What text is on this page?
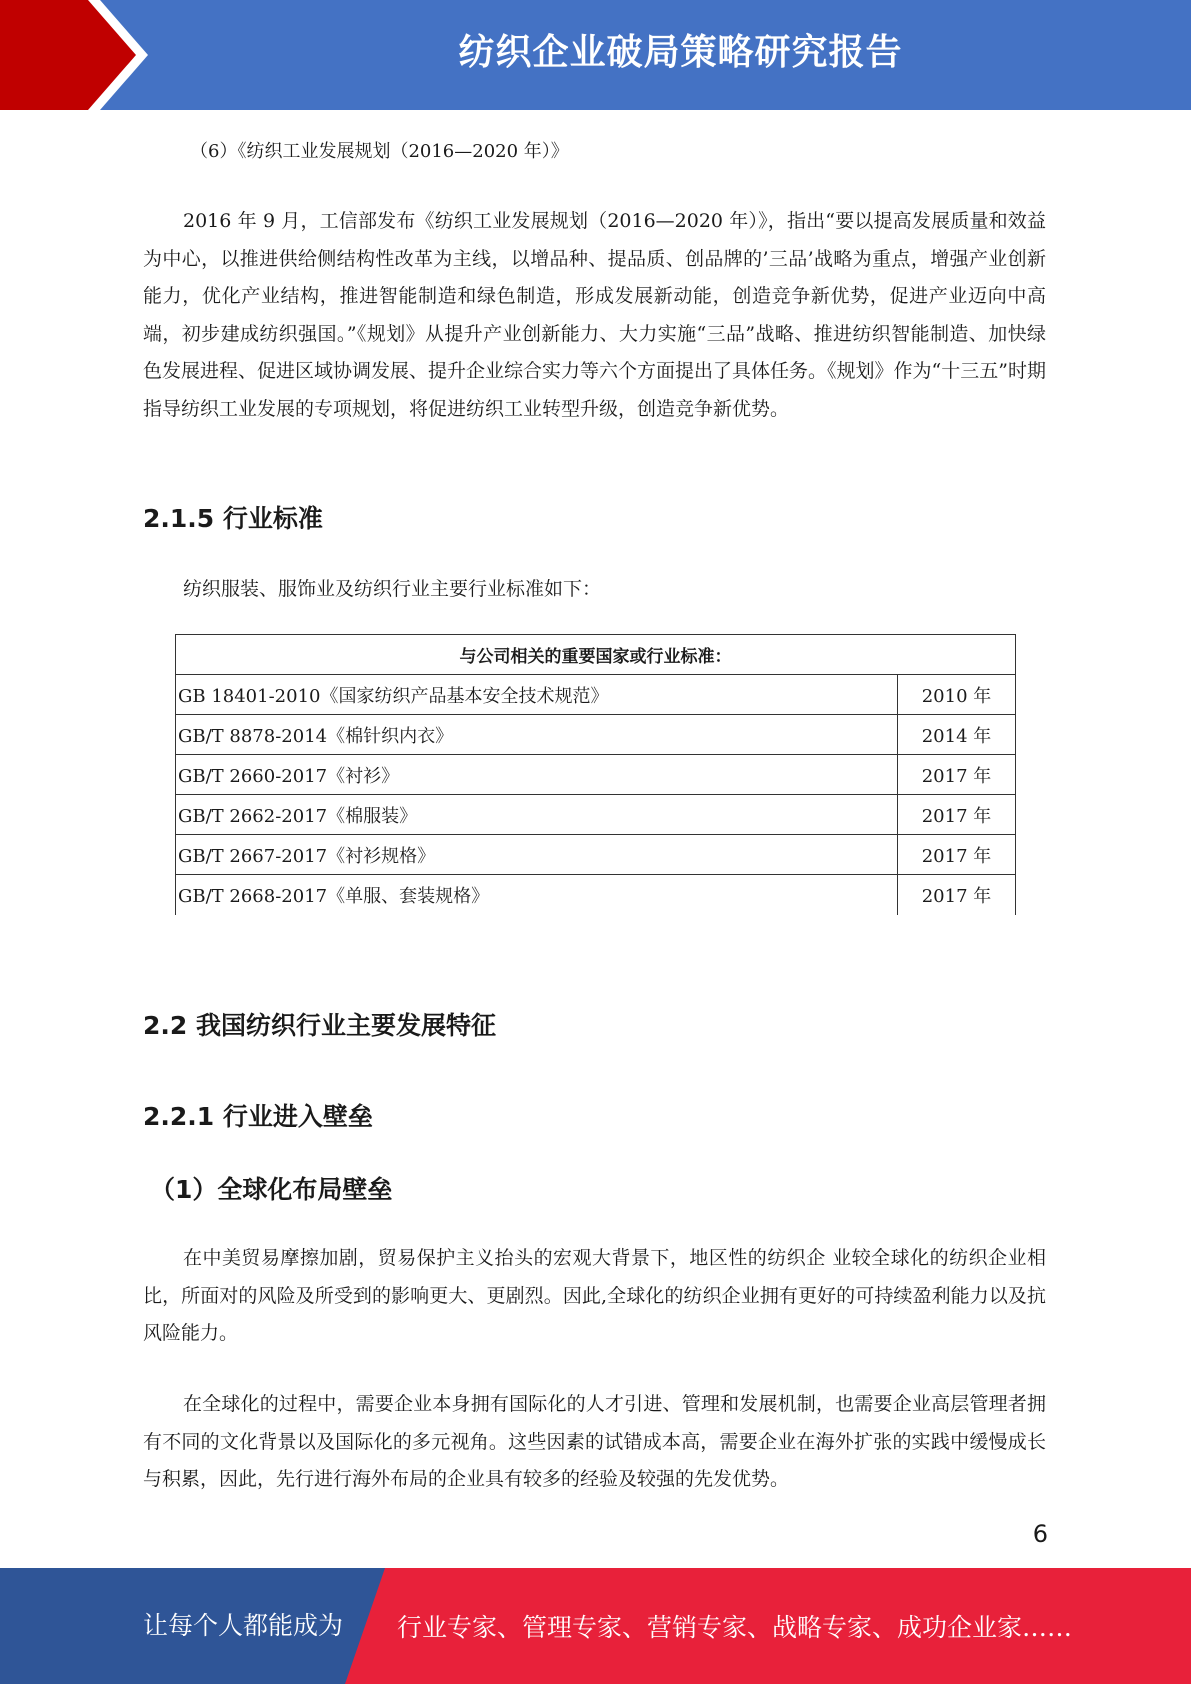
纺织企业破局策略研究报告
（6）《纺织工业发展规划（2016—2020 年）》

2016 年 9 月，工信部发布《纺织工业发展规划（2016—2020 年）》，指出“要以提高发展质量和效益为中心，以推进供给侧结构性改革为主线，以增品种、提品质、创品牌的’三品’战略为重点，增强产业创新能力，优化产业结构，推进智能制造和绿色制造，形成发展新动能，创造竞争新优势，促进产业迈向中高端，初步建成纺织强国。”《规划》从提升产业创新能力、大力实施“三品”战略、推进纺织智能制造、加快绿色发展进程、促进区域协调发展、提升企业综合实力等六个方面提出了具体任务。《规划》作为“十三五”时期指导纺织工业发展的专项规划，将促进纺织工业转型升级，创造竞争新优势。

2.1.5 行业标准

纺织服装、服饰业及纺织行业主要行业标准如下：

与公司相关的重要国家或行业标准：	
GB 18401-2010《国家纺织产品基本安全技术规范》	2010 年
GB/T 8878-2014《棉针织内衣》	2014 年
GB/T 2660-2017《衬衫》	2017 年
GB/T 2662-2017《棉服装》	2017 年
GB/T 2667-2017《衬衫规格》	2017 年
GB/T 2668-2017《单服、套装规格》	2017 年
2.2 我国纺织行业主要发展特征
2.2.1 行业进入壁垒
（1）全球化布局壁垒

在中美贸易摩擦加剧，贸易保护主义抬头的宏观大背景下，地区性的纺织企 业较全球化的纺织企业相比，所面对的风险及所受到的影响更大、更剧烈。因此,全球化的纺织企业拥有更好的可持续盈利能力以及抗风险能力。

在全球化的过程中，需要企业本身拥有国际化的人才引进、管理和发展机制，也需要企业高层管理者拥有不同的文化背景以及国际化的多元视角。这些因素的试错成本高，需要企业在海外扩张的实践中缓慢成长与积累，因此，先行进行海外布局的企业具有较多的经验及较强的先发优势。

6
让每个人都能成为 行业专家、管理专家、营销专家、战略专家、成功企业家……
